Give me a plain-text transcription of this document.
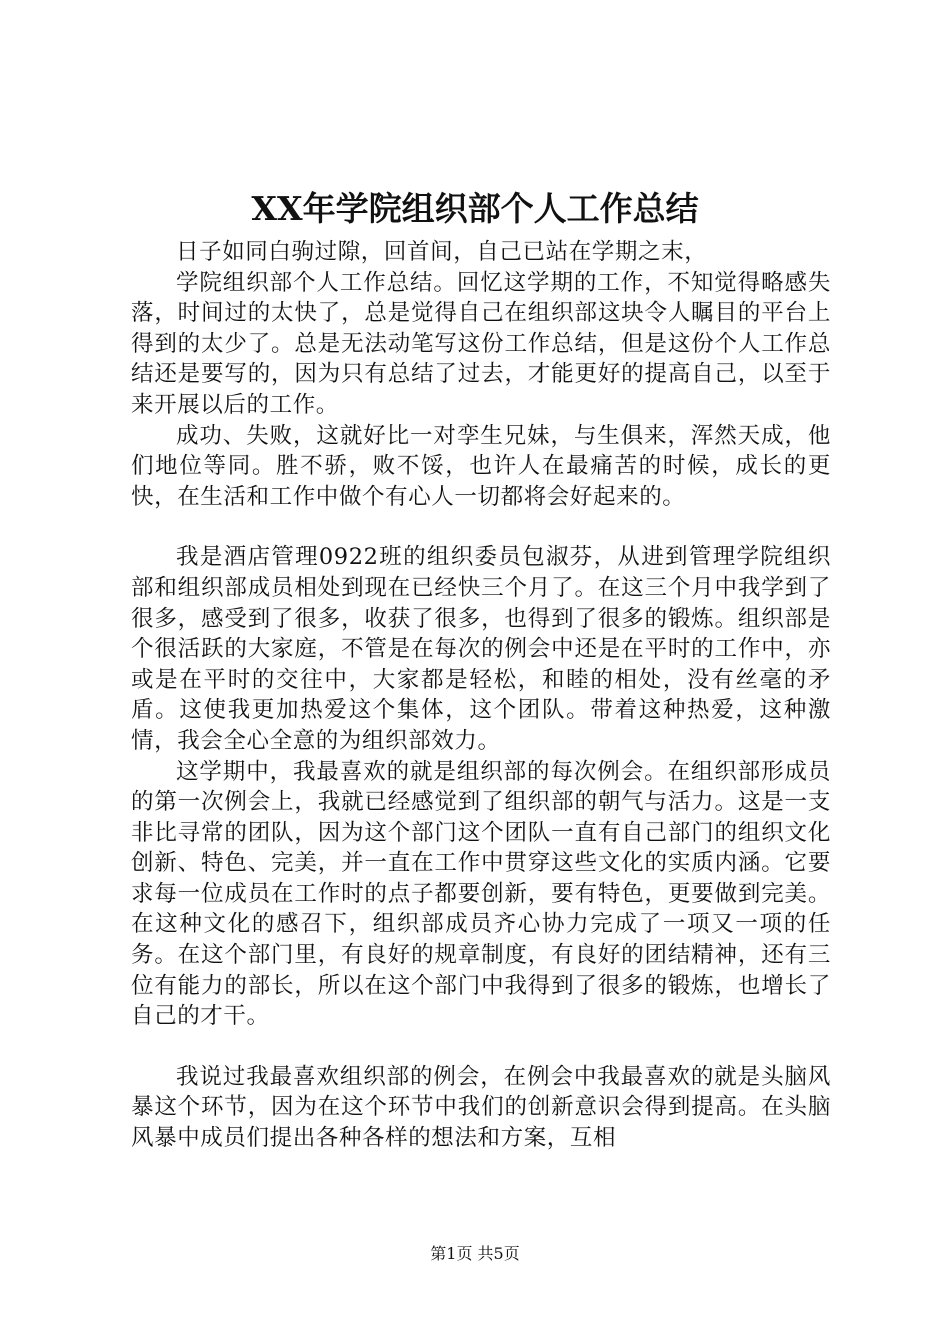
XX年学院组织部个人工作总结

日子如同白驹过隙，回首间，自己已站在学期之末，

学院组织部个人工作总结。回忆这学期的工作，不知觉得略感失落，时间过的太快了，总是觉得自己在组织部这块令人瞩目的平台上得到的太少了。总是无法动笔写这份工作总结，但是这份个人工作总结还是要写的，因为只有总结了过去，才能更好的提高自己，以至于来开展以后的工作。

成功、失败，这就好比一对孪生兄妹，与生俱来，浑然天成，他们地位等同。胜不骄，败不馁，也许人在最痛苦的时候，成长的更快，在生活和工作中做个有心人一切都将会好起来的。

我是酒店管理0922班的组织委员包淑芬，从进到管理学院组织部和组织部成员相处到现在已经快三个月了。在这三个月中我学到了很多，感受到了很多，收获了很多，也得到了很多的锻炼。组织部是个很活跃的大家庭，不管是在每次的例会中还是在平时的工作中，亦或是在平时的交往中，大家都是轻松，和睦的相处，没有丝毫的矛盾。这使我更加热爱这个集体，这个团队。带着这种热爱，这种激情，我会全心全意的为组织部效力。

这学期中，我最喜欢的就是组织部的每次例会。在组织部形成员的第一次例会上，我就已经感觉到了组织部的朝气与活力。这是一支非比寻常的团队，因为这个部门这个团队一直有自己部门的组织文化创新、特色、完美，并一直在工作中贯穿这些文化的实质内涵。它要求每一位成员在工作时的点子都要创新，要有特色，更要做到完美。在这种文化的感召下，组织部成员齐心协力完成了一项又一项的任务。在这个部门里，有良好的规章制度，有良好的团结精神，还有三位有能力的部长，所以在这个部门中我得到了很多的锻炼，也增长了自己的才干。

我说过我最喜欢组织部的例会，在例会中我最喜欢的就是头脑风暴这个环节，因为在这个环节中我们的创新意识会得到提高。在头脑风暴中成员们提出各种各样的想法和方案，互相

第1页 共5页
